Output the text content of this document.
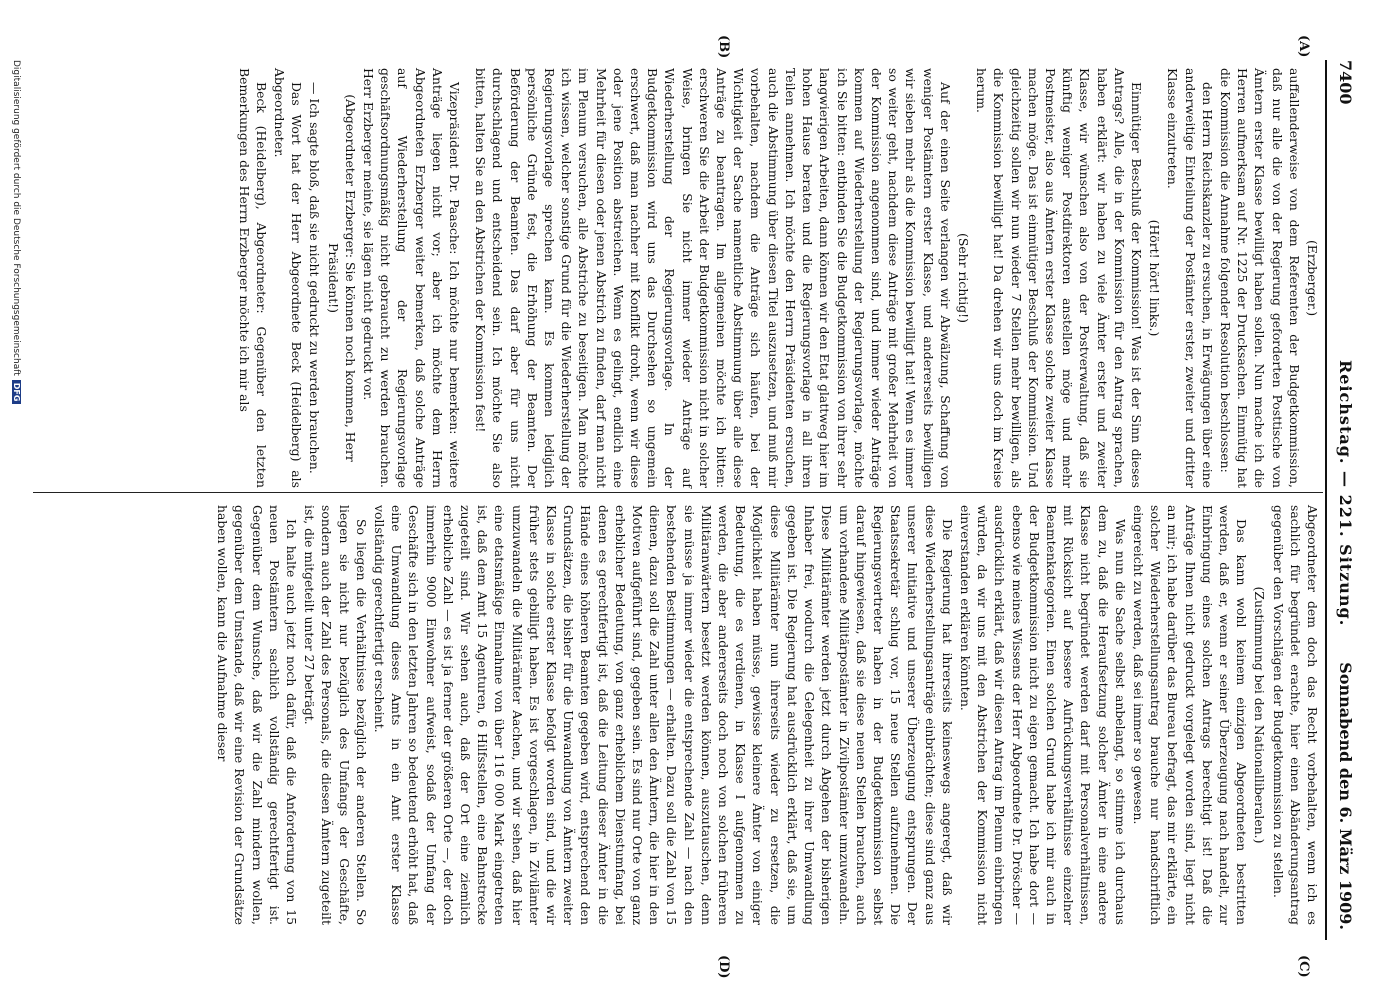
7400
Reichstag. — 221. Sitzung.
Sonnabend den 6. März 1909.
(A)
(B)
(C)
(D)

(Erzberger.)

auffallenderweise von dem Referenten der Budgetkommission, daß nur alle die von der Regierung geforderten Posttische von Ämtern erster Klasse bewilligt haben sollen. Nun mache ich die Herren aufmerksam auf Nr. 1225 der Drucksachen. Einmütig hat die Kommission die Annahme folgender Resolution beschlossen:

den Herrn Reichskanzler zu ersuchen, in Erwägungen über eine anderweitige Einteilung der Postämter erster, zweiter und dritter Klasse einzutreten.

(Hört! hört! links.)

Einmütiger Beschluß der Kommission! Was ist der Sinn dieses Antrags? Alle, die in der Kommission für den Antrag sprachen, haben erklärt: wir haben zu viele Ämter erster und zweiter Klasse, wir wünschen also von der Postverwaltung, daß sie künftig weniger Postdirektoren anstellen möge und mehr Postmeister, also aus Ämtern erster Klasse solche zweiter Klasse machen möge. Das ist einmütiger Beschluß der Kommission. Und gleichzeitig sollen wir nun wieder 7 Stellen mehr bewilligen, als die Kommission bewilligt hat! Da drehen wir uns doch im Kreise herum.

(Sehr richtig!)

Auf der einen Seite verlangen wir Abwälzung, Schaffung von weniger Postämtern erster Klasse, und andererseits bewilligen wir sieben mehr als die Kommission bewilligt hat! Wenn es immer so weiter geht, nachdem diese Anträge mit großer Mehrheit von der Kommission angenommen sind, und immer wieder Anträge kommen auf Wiederherstellung der Regierungsvorlage, möchte ich Sie bitten: entbinden Sie die Budgetkommission von ihrer sehr langwierigen Arbeiten, dann können wir den Etat glattweg hier im hohen Hause beraten und die Regierungsvorlage in all ihren Teilen annehmen. Ich möchte den Herrn Präsidenten ersuchen, auch die Abstimmung über diesen Titel auszusetzen, und muß mir vorbehalten, nachdem die Anträge sich häufen, bei der Wichtigkeit der Sache namentliche Abstimmung über alle diese Anträge zu beantragen. Im allgemeinen möchte ich bitten: erschweren Sie die Arbeit der Budgetkommission nicht in solcher Weise, bringen Sie nicht immer wieder Anträge auf Wiederherstellung der Regierungsvorlage. In der Budgetkommission wird uns das Durchsehen so ungemein erschwert, daß man nachher mit Konflikt droht, wenn wir diese oder jene Position abstreichen. Wenn es gelingt, endlich eine Mehrheit für diesen oder jenen Abstrich zu finden, darf man nicht im Plenum versuchen, alle Abstriche zu beseitigen. Man möchte ich wissen, welcher sonstige Grund für die Wiederherstellung der Regierungsvorlage sprechen kann. Es kommen lediglich persönliche Gründe fest, die Erhöhung der Beamten. Der Beförderung der Beamten. Das darf aber für uns nicht durchschlagend und entscheidend sein. Ich möchte Sie also bitten, halten Sie an den Abstrichen der Kommission fest!

Vizepräsident Dr. Paasche: Ich möchte nur bemerken: weitere Anträge liegen nicht vor; aber ich möchte dem Herrn Abgeordneten Erzberger weiter bemerken, daß solche Anträge auf Wiederherstellung der Regierungsvorlage geschäftsordnungsmäßig nicht gebraucht zu werden brauchen. Herr Erzberger meinte, sie lägen nicht gedruckt vor.

(Abgeordneter Erzberger: Sie können noch kommen, Herr Präsident!)

— Ich sagte bloß, daß sie nicht gedruckt zu werden brauchen.

Das Wort hat der Herr Abgeordnete Beck (Heidelberg) als Abgeordneter.

Beck (Heidelberg), Abgeordneter: Gegenüber den letzten Bemerkungen des Herrn Erzberger möchte ich mir als

Abgeordneter dem doch das Recht vorbehalten, wenn ich es sachlich für begründet erachte, hier einen Abänderungsantrag gegenüber den Vorschlägen der Budgetkommission zu stellen.

(Zustimmung bei den Nationalliberalen.)

Das kann wohl keinem einzigen Abgeordneten bestritten werden, daß er, wenn er seiner Überzeugung nach handelt, zur Einbringung eines solchen Antrags berechtigt ist! Daß die Anträge Ihnen nicht gedruckt vorgelegt worden sind, liegt nicht an mir; ich habe darüber das Bureau befragt, das mir erklärte, ein solcher Wiederherstellungsantrag brauche nur handschriftlich eingereicht zu werden, daß sei immer so gewesen.

Was nun die Sache selbst anbelangt, so stimme ich durchaus dem zu, daß die Heraufsetzung solcher Ämter in eine andere Klasse nicht begründet werden darf mit Personalverhältnissen, mit Rücksicht auf bessere Aufrückungsverhältnisse einzelner Beamtenkategorien. Einen solchen Grund habe ich mir auch in der Budgetkommission nicht zu eigen gemacht. Ich habe dort — ebenso wie meines Wissens der Herr Abgeordnete Dr. Dröscher — ausdrücklich erklärt, daß wir diesen Antrag im Plenum einbringen würden, da wir uns mit den Abstrichen der Kommission nicht einverstanden erklären könnten.

Die Regierung hat ihrerseits keineswegs angeregt, daß wir diese Wiederherstellungsanträge einbrächten; diese sind ganz aus unserer Initiative und unserer Überzeugung entsprungen. Der Staatssekretär schlug vor, 15 neue Stellen aufzunehmen. Die Regierungsvertreter haben in der Budgetkommission selbst darauf hingewiesen, daß sie diese neuen Stellen brauchen, auch um vorhandene Militärpostämter in Zivilpostämter umzuwandeln. Diese Militärämter werden jetzt durch Abgehen der bisherigen Inhaber frei, wodurch die Gelegenheit zu ihrer Umwandlung gegeben ist. Die Regierung hat ausdrücklich erklärt, daß sie, um diese Militärämter nun ihrerseits wieder zu ersetzen, die Möglichkeit haben müsse, gewisse kleinere Ämter von einiger Bedeutung, die es verdienen, in Klasse I aufgenommen zu werden, die aber andererseits doch noch von solchen früheren Militäranwärtern besetzt werden können, auszutauschen, denn sie müsse ja immer wieder die entsprechende Zahl — nach den bestehenden Bestimmungen — erhalten. Dazu soll die Zahl von 15 dienen, dazu soll die Zahl unter allen den Ämtern, die hier in den Motiven aufgeführt sind, gegeben sein. Es sind nur Orte von ganz erheblicher Bedeutung, von ganz erheblichem Dienstumfang, bei denen es gerechtfertigt ist, daß die Leitung dieser Ämter in die Hände eines höheren Beamten gegeben wird, entsprechend den Grundsätzen, die bisher für die Umwandlung von Ämtern zweiter Klasse in solche erster Klasse befolgt worden sind, und die wir früher stets gebilligt haben. Es ist vorgeschlagen, in Zivilämter umzuwandeln die Militärämter Aachen, und wir sehen, daß hier eine etatsmäßige Einnahme von über 116 000 Mark eingetreten ist, daß dem Amt 15 Agenturen, 6 Hilfsstellen, eine Bahnstrecke zugeteilt sind. Wir sehen auch, daß der Ort eine ziemlich erhebliche Zahl — es ist ja ferner der größeren Orte —, der doch immerhin 9000 Einwohner aufweist, sodaß der Umfang der Geschäfte sich in den letzten Jahren so bedeutend erhöht hat, daß eine Umwandlung dieses Amts in ein Amt erster Klasse vollständig gerechtfertigt erscheint.

So liegen die Verhältnisse bezüglich der anderen Stellen. So liegen sie nicht nur bezüglich des Umfangs der Geschäfte, sondern auch der Zahl des Personals, die diesen Ämtern zugeteilt ist, die mitgeteilt unter 27 beträgt.

Ich halte auch jetzt noch dafür, daß die Anforderung von 15 neuen Postämtern sachlich vollständig gerechtfertigt ist. Gegenüber dem Wunsche, daß wir die Zahl mindern wollen, gegenüber dem Umstande, daß wir eine Revision der Grundsätze haben wollen, kann die Aufnahme dieser

Digitalisierung gefördert durch die Deutsche ForschungsgemeinschaftDFG
